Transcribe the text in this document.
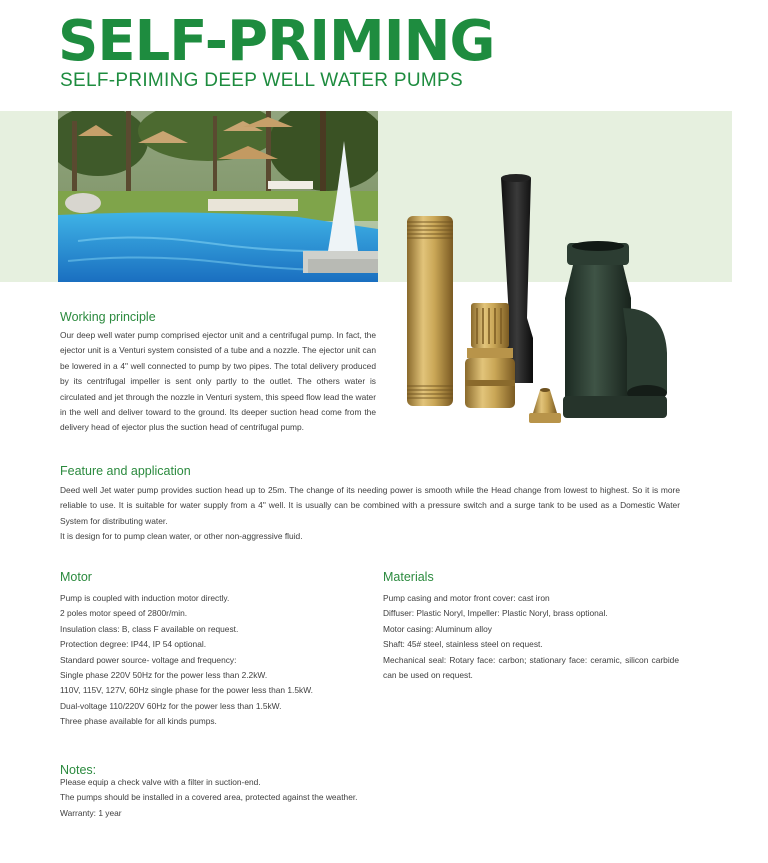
SELF-PRIMING
SELF-PRIMING DEEP WELL WATER PUMPS
Working principle
Our deep well water pump comprised ejector unit and a centrifugal pump. In fact, the ejector unit is a Venturi system consisted of a tube and a nozzle. The ejector unit can be lowered in a 4" well connected to pump by two pipes. The total delivery produced by its centrifugal impeller is sent only partly to the outlet. The others water is circulated and jet through the nozzle in Venturi system, this speed flow lead the water in the well and deliver toward to the ground. Its deeper suction head come from the delivery head of ejector plus the suction head of centrifugal pump.
Feature and application

Deed well Jet water pump provides suction head up to 25m. The change of its needing power is smooth while the Head change from lowest to highest. So it is more reliable to use. It is suitable for water supply from a 4" well. It is usually can be combined with a pressure switch and a surge tank to be used as a Domestic Water System for distributing water.

It is design for to pump clean water, or other non-aggressive fluid.

Motor
Pump is coupled with induction motor directly.
2 poles motor speed of 2800r/min.
Insulation class: B, class F available on request.
Protection degree: IP44, IP 54 optional.
Standard power source- voltage and frequency:
Single phase 220V 50Hz for the power less than 2.2kW.
110V, 115V, 127V, 60Hz single phase for the power less than 1.5kW.
Dual-voltage 110/220V 60Hz for the power less than 1.5kW.
Three phase available for all kinds pumps.
Materials
Pump casing and motor front cover: cast iron
Diffuser: Plastic Noryl, Impeller: Plastic Noryl, brass optional.
Motor casing: Aluminum alloy
Shaft: 45# steel, stainless steel on request.
Mechanical seal: Rotary face: carbon; stationary face: ceramic, silicon carbide can be used on request.
Notes:
Please equip a check valve with a filter in suction-end.
The pumps should be installed in a covered area, protected against the weather.
Warranty: 1 year
